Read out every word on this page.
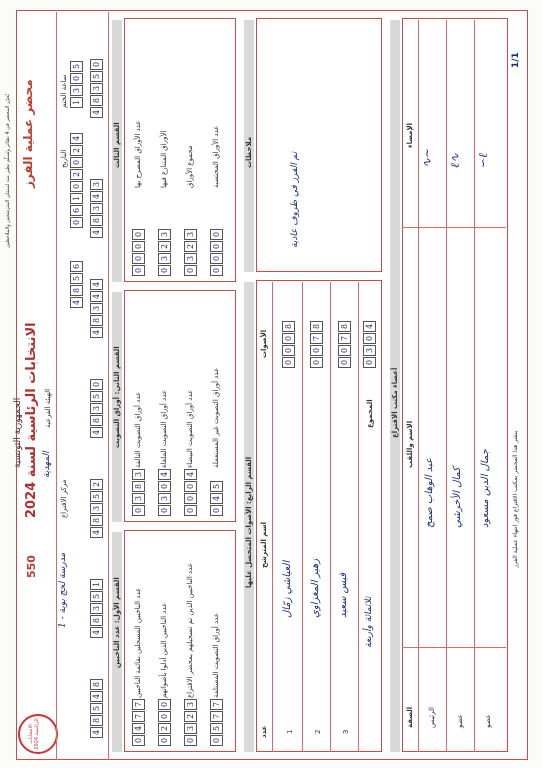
الانتخابات الرئاسية 2024
الانتخابات الرئاسية لسنة 2024
الجمهورية التونسية
550
محضر عملية الفرز
يُحرّر المحضر في 4 نظائر ويُسلّم نظير منه لممثلي المترشحين والملاحظين
الهيئة الفرعية
المهدية
مركز الاقتراع
1 - مدرسة لحج بوبة
التاريخ
0
6
1
0
2
0
2
4
ساعة الختم 1
3
0
5
4
8
5
6
4
8
5
4
8
4
8
3
5
1
4
8
3
5
2
4
8
3
5
0
4
8
3
4
4
4
8
3
4
3
4
8
3
5
0
القسم الأول: عدد الناخبين عدد الناخبين المسجلين بقائمة الناخبين
0
4
7
7
عدد الناخبين الذين أدلوا بأصواتهم
0
2
0
0
عدد الناخبين الذين تم تسجيلهم بمحضر الاقتراع
0
3
2
3
عدد أوراق التصويت المستلمة
0
5
7
7
القسم الثاني: أوراق التصويت عدد أوراق التصويت التالفة
0
3
8
3
عدد أوراق التصويت الملغاة
0
3
0
4
عدد أوراق التصويت البيضاء
0
0
0
4
عدد أوراق التصويت غير المستعملة
0
4
5
القسم الثالث عدد الأوراق المصرح بها
0
0
0
0
الأوراق المتنازع فيها
0
3
2
3
مجموع الأوراق
0
3
2
3
عدد الأوراق المحتسبة
0
0
0
0
القسم الرابع: الأصوات المتحصل عليها
عدد
اسم المترشح
الأصوات
1
العياشي زمّال
0
0
0
8
2
زهير المغزاوي
0
0
7
8
3
قيس سعيد
0
0
7
8
المجموع
0
3
0
4
ثلاثمائة وأربعة
ملاحظات	تم الفرز في ظروف عادية
أعضاء مكتب الاقتراع
الصفة
الاسم واللقب
الإمضاء
الرئيس
عبد الوهاب صمح
∿∼
عضو
كمال الأخرشي
ℓ∿
عضو
جمال الدين مسعود
∽ℓ
ينشر هذا المحضر بمكتب الاقتراع فور انتهاء عملية الفرز
1/1
